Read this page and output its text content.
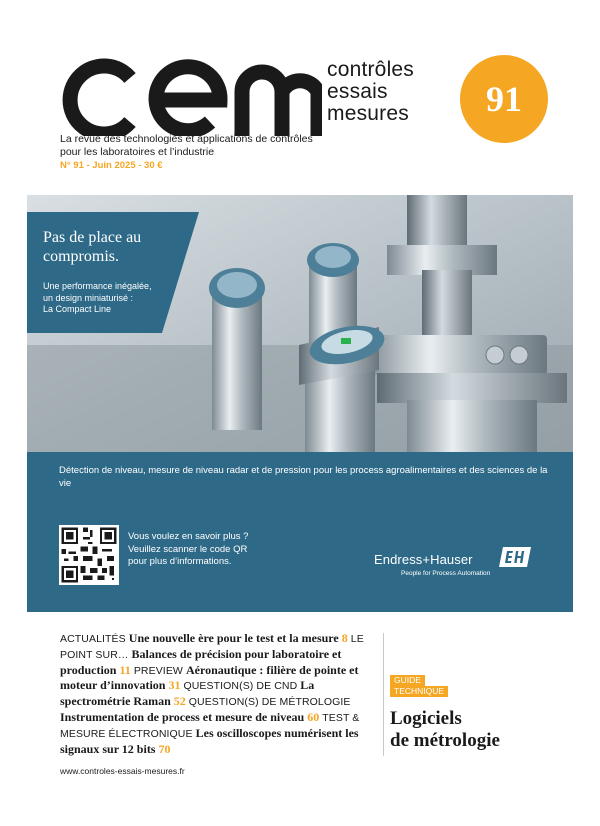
contrôles
essais
mesures	91
La revue des technologies et applications de contrôles pour les laboratoires et l’industrie
N° 91 - Juin 2025 - 30 €
Pas de place au compromis.
Une performance inégalée,
un design miniaturisé :
La Compact Line
Détection de niveau, mesure de niveau radar et de pression pour les process agroalimentaires et des sciences de la vie
Vous voulez en savoir plus ?
Veuillez scanner le code QR
pour plus d’informations.	Endress+Hauser
People for Process Automation
ACTUALITÉS Une nouvelle ère pour le test et la mesure 8 LE POINT SUR… Balances de précision pour laboratoire et production 11 PREVIEW Aéronautique : filière de pointe et moteur d’innovation 31 QUESTION(S) DE CND La spectrométrie Raman 52 QUESTION(S) DE MÉTROLOGIE Instrumentation de process et mesure de niveau 60 TEST & MESURE ÉLECTRONIQUE Les oscilloscopes numérisent les signaux sur 12 bits 70
GUIDE
TECHNIQUE
Logiciels
de métrologie
www.controles-essais-mesures.fr
